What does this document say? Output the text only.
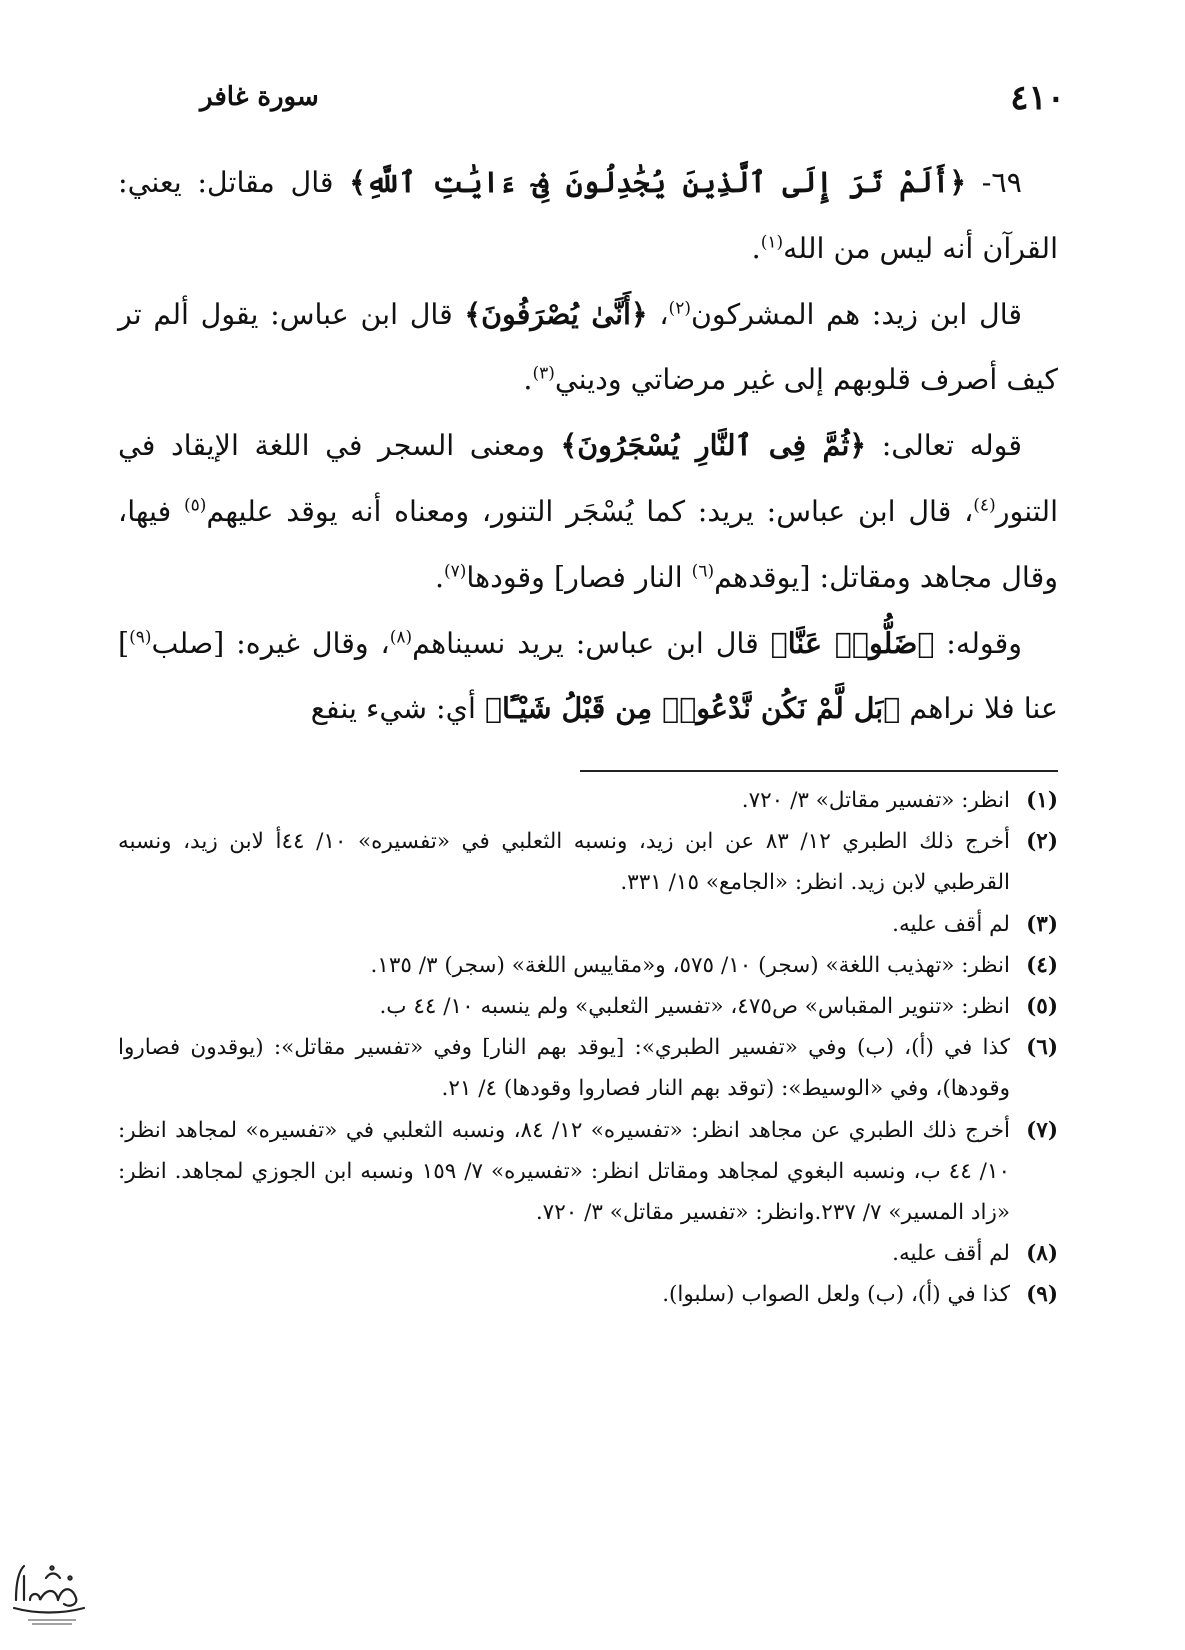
٤١٠
سورة غافر

٦٩- ﴿أَلَمْ تَرَ إِلَى ٱلَّذِينَ يُجَٰدِلُونَ فِىٓ ءَايَٰتِ ٱللَّهِ﴾ قال مقاتل: يعني: القرآن أنه ليس من الله$^{(١)}$.

قال ابن زيد: هم المشركون$^{(٢)}$، ﴿أَنَّىٰ يُصْرَفُونَ﴾ قال ابن عباس: يقول ألم تر كيف أصرف قلوبهم إلى غير مرضاتي وديني$^{(٣)}$.

قوله تعالى: ﴿ثُمَّ فِى ٱلنَّارِ يُسْجَرُونَ﴾ ومعنى السجر في اللغة الإيقاد في التنور$^{(٤)}$، قال ابن عباس: يريد: كما يُسْجَر التنور، ومعناه أنه يوقد عليهم$^{(٥)}$ فيها، وقال مجاهد ومقاتل: [يوقدهم$^{(٦)}$ النار فصار] وقودها$^{(٧)}$.

وقوله: ﴿ضَلُّوا۟ عَنَّا﴾ قال ابن عباس: يريد نسيناهم$^{(٨)}$، وقال غيره: [صلب$^{(٩)}$] عنا فلا نراهم ﴿بَل لَّمْ نَكُن نَّدْعُوا۟ مِن قَبْلُ شَيْـًٔا﴾ أي: شيء ينفع

(١)
انظر: «تفسير مقاتل» ٣/ ٧٢٠.
(٢)
أخرج ذلك الطبري ١٢/ ٨٣ عن ابن زيد، ونسبه الثعلبي في «تفسيره» ١٠/ ٤٤أ لابن زيد، ونسبه القرطبي لابن زيد. انظر: «الجامع» ١٥/ ٣٣١.
(٣)
لم أقف عليه.
(٤)
انظر: «تهذيب اللغة» (سجر) ١٠/ ٥٧٥، و«مقاييس اللغة» (سجر) ٣/ ١٣٥.
(٥)
انظر: «تنوير المقباس» ص٤٧٥، «تفسير الثعلبي» ولم ينسبه ١٠/ ٤٤ ب.
(٦)
كذا في (أ)، (ب) وفي «تفسير الطبري»: [يوقد بهم النار] وفي «تفسير مقاتل»: (يوقدون فصاروا وقودها)، وفي «الوسيط»: (توقد بهم النار فصاروا وقودها) ٤/ ٢١.
(٧)
أخرج ذلك الطبري عن مجاهد انظر: «تفسيره» ١٢/ ٨٤، ونسبه الثعلبي في «تفسيره» لمجاهد انظر: ١٠/ ٤٤ ب، ونسبه البغوي لمجاهد ومقاتل انظر: «تفسيره» ٧/ ١٥٩ ونسبه ابن الجوزي لمجاهد. انظر: «زاد المسير» ٧/ ٢٣٧.وانظر: «تفسير مقاتل» ٣/ ٧٢٠.
(٨)
لم أقف عليه.
(٩)
كذا في (أ)، (ب) ولعل الصواب (سلبوا).
